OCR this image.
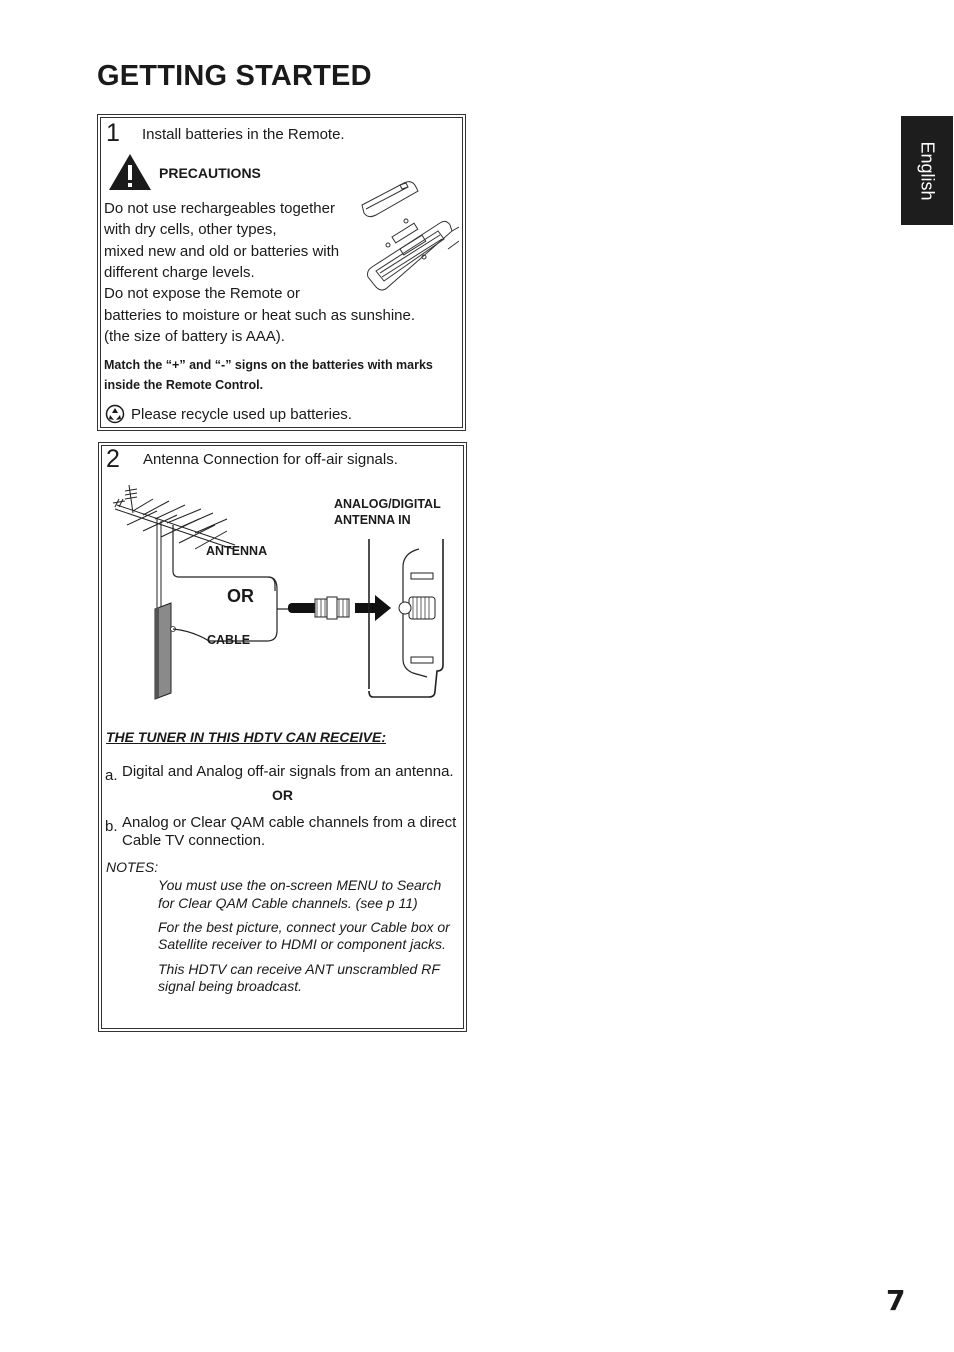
GETTING STARTED
English
1 Install batteries in the Remote.
PRECAUTIONS
Do not use rechargeables together
with dry cells, other types,
mixed new and old or batteries with
different charge levels.
Do not expose the Remote or
batteries to moisture or heat such as sunshine.
(the size of battery is AAA).
Match the “+” and “-” signs on the batteries with marks
inside the Remote Control.
Please recycle used up batteries.
2 Antenna Connection for off-air signals.
ANALOG/DIGITAL
ANTENNA IN
ANTENNA
OR
CABLE
THE TUNER IN THIS HDTV CAN RECEIVE:
a. Digital and Analog off-air signals from an antenna.
OR
b. Analog or Clear QAM cable channels from a direct
Cable TV connection.
NOTES:
You must use the on-screen MENU to Search
for Clear QAM Cable channels. (see p 11)
For the best picture, connect your Cable box or
Satellite receiver to HDMI or component jacks.
This HDTV can receive ANT unscrambled RF
signal being broadcast.
7
